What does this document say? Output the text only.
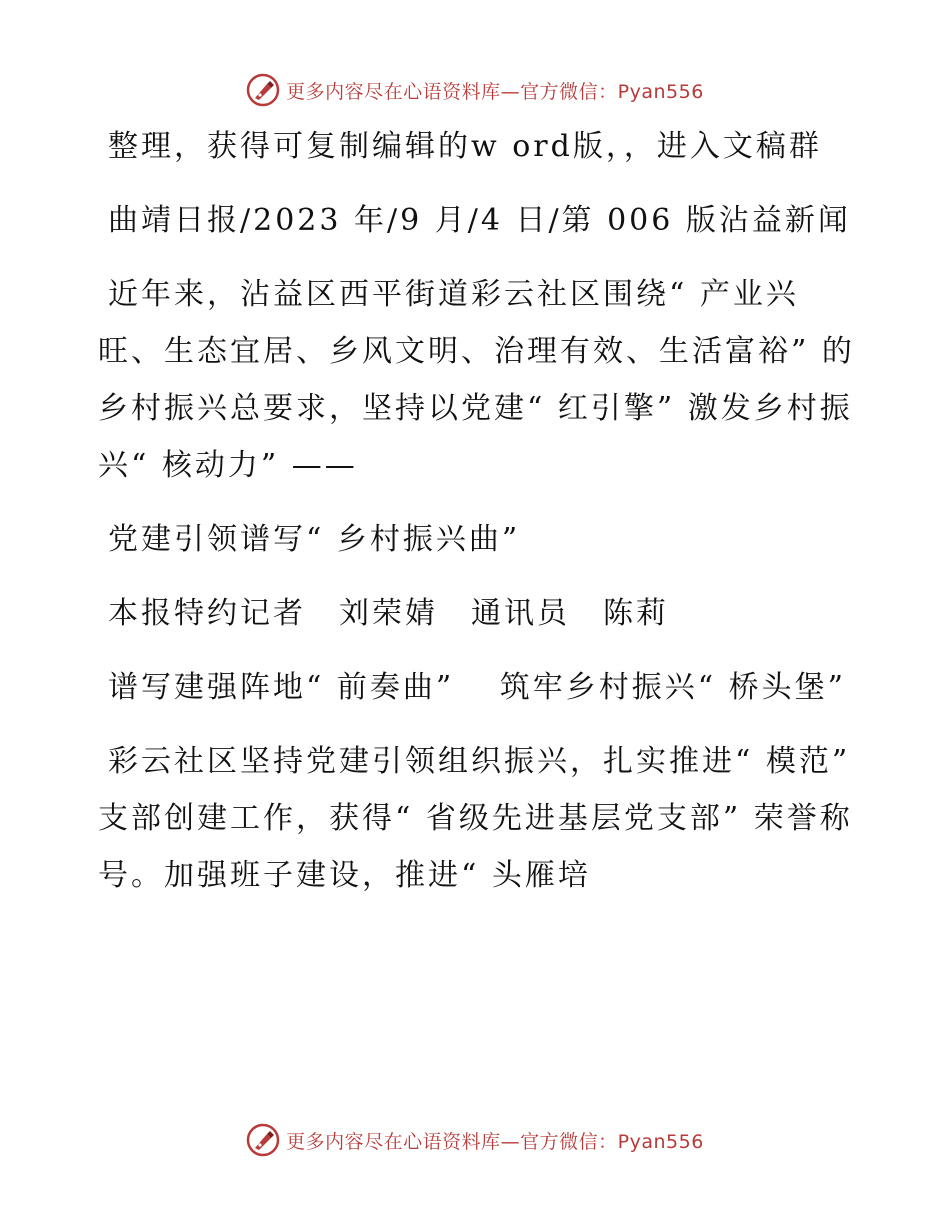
更多内容尽在心语资料库—官方微信：Pyan556

整理，获得可复制编辑的w ord版，，进入文稿群

曲靖日报/2023 年/9 月/4 日/第 006 版沾益新闻

近年来，沾益区西平街道彩云社区围绕“ 产业兴旺、生态宜居、乡风文明、治理有效、生活富裕” 的乡村振兴总要求，坚持以党建“ 红引擎” 激发乡村振兴“ 核动力” ——

党建引领谱写“ 乡村振兴曲”

本报特约记者　刘荣婧　通讯员　陈莉

谱写建强阵地“ 前奏曲”　 筑牢乡村振兴“ 桥头堡”

彩云社区坚持党建引领组织振兴，扎实推进“ 模范” 支部创建工作，获得“ 省级先进基层党支部” 荣誉称号。加强班子建设，推进“ 头雁培

更多内容尽在心语资料库—官方微信：Pyan556
